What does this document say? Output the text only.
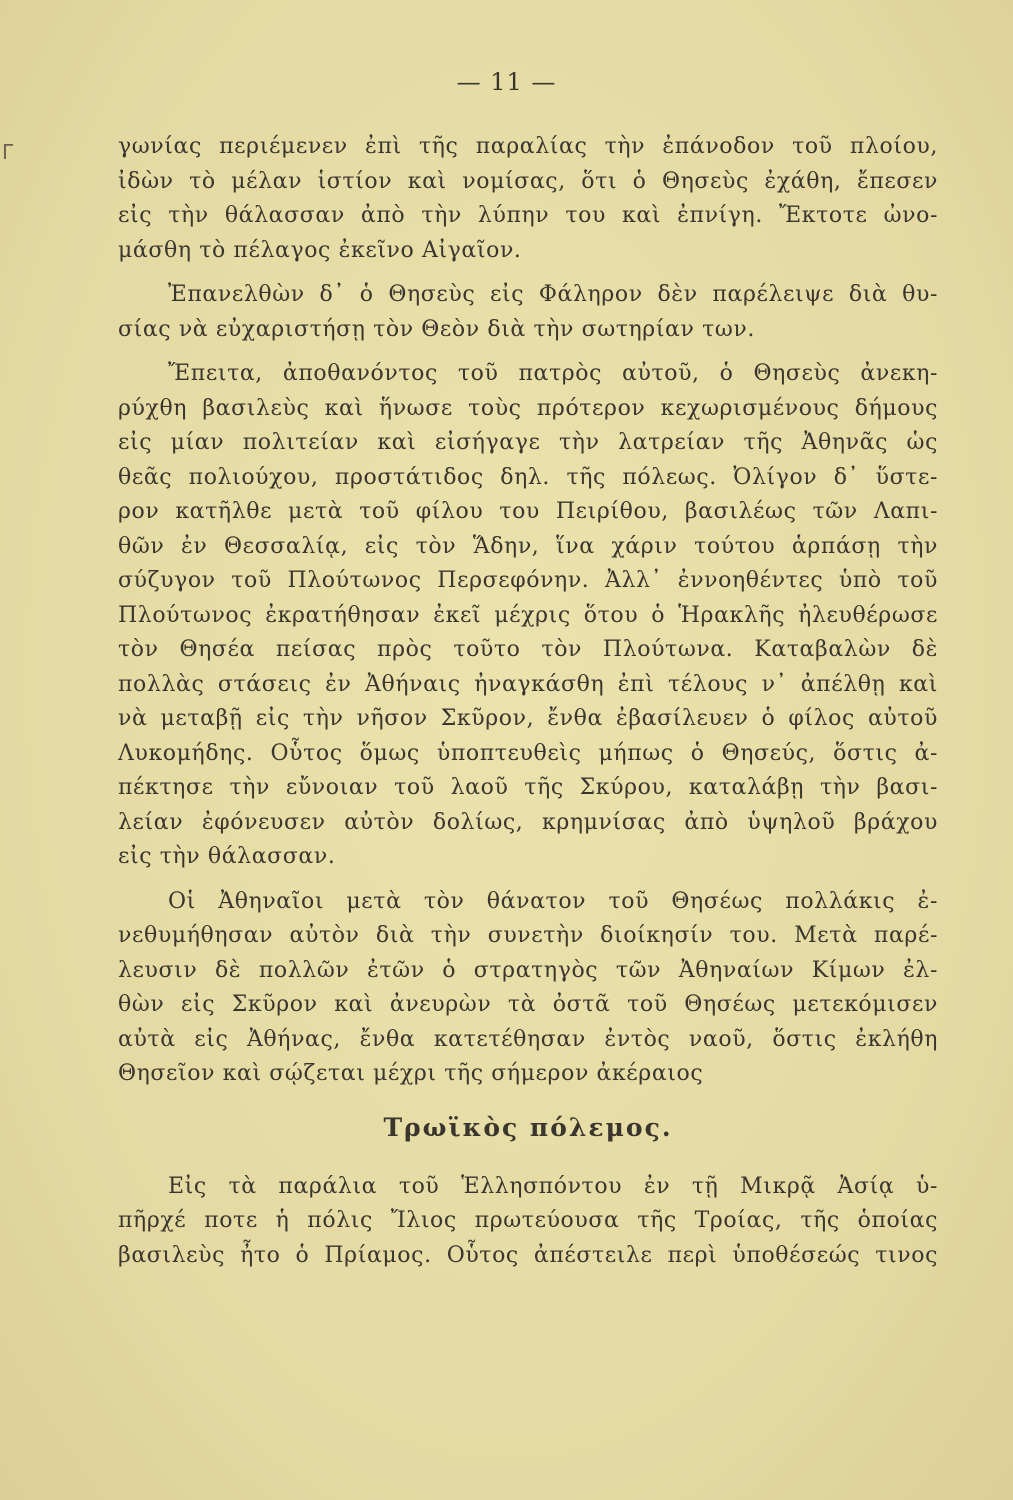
— 11 —
Γ	γωνίας περιέμενεν ἐπὶ τῆς παραλίας τὴν ἐπάνοδον τοῦ πλοίου,
ἰδὼν τὸ μέλαν ἱστίον καὶ νομίσας, ὅτι ὁ Θησεὺς ἐχάθη, ἔπεσεν
εἰς τὴν θάλασσαν ἀπὸ τὴν λύπην του καὶ ἐπνίγη. Ἔκτοτε ὠνο-
μάσθη τὸ πέλαγος ἐκεῖνο Αἰγαῖον.
Ἐπανελθὼν δ᾽ ὁ Θησεὺς εἰς Φάληρον δὲν παρέλειψε διὰ θυ-
σίας νὰ εὐχαριστήσῃ τὸν Θεὸν διὰ τὴν σωτηρίαν των.
Ἔπειτα, ἀποθανόντος τοῦ πατρὸς αὐτοῦ, ὁ Θησεὺς ἀνεκη-
ρύχθη βασιλεὺς καὶ ἥνωσε τοὺς πρότερον κεχωρισμένους δήμους
εἰς μίαν πολιτείαν καὶ εἰσήγαγε τὴν λατρείαν τῆς Ἀθηνᾶς ὡς
θεᾶς πολιούχου, προστάτιδος δηλ. τῆς πόλεως. Ὀλίγον δ᾽ ὕστε-
ρον κατῆλθε μετὰ τοῦ φίλου του Πειρίθου, βασιλέως τῶν Λαπι-
θῶν ἐν Θεσσαλίᾳ, εἰς τὸν Ἅδην, ἵνα χάριν τούτου ἁρπάσῃ τὴν
σύζυγον τοῦ Πλούτωνος Περσεφόνην. Ἀλλ᾽ ἐννοηθέντες ὑπὸ τοῦ
Πλούτωνος ἐκρατήθησαν ἐκεῖ μέχρις ὅτου ὁ Ἡρακλῆς ἠλευθέρωσε
τὸν Θησέα πείσας πρὸς τοῦτο τὸν Πλούτωνα. Καταβαλὼν δὲ
πολλὰς στάσεις ἐν Ἀθήναις ἠναγκάσθη ἐπὶ τέλους ν᾽ ἀπέλθῃ καὶ
νὰ μεταβῇ εἰς τὴν νῆσον Σκῦρον, ἔνθα ἐβασίλευεν ὁ φίλος αὐτοῦ
Λυκομήδης. Οὗτος ὅμως ὑποπτευθεὶς μήπως ὁ Θησεύς, ὅστις ἀ-
πέκτησε τὴν εὔνοιαν τοῦ λαοῦ τῆς Σκύρου, καταλάβῃ τὴν βασι-
λείαν ἐφόνευσεν αὐτὸν δολίως, κρημνίσας ἀπὸ ὑψηλοῦ βράχου
εἰς τὴν θάλασσαν.
Οἱ Ἀθηναῖοι μετὰ τὸν θάνατον τοῦ Θησέως πολλάκις ἐ-
νεθυμήθησαν αὐτὸν διὰ τὴν συνετὴν διοίκησίν του. Μετὰ παρέ-
λευσιν δὲ πολλῶν ἐτῶν ὁ στρατηγὸς τῶν Ἀθηναίων Κίμων ἐλ-
θὼν εἰς Σκῦρον καὶ ἀνευρὼν τὰ ὀστᾶ τοῦ Θησέως μετεκόμισεν
αὐτὰ εἰς Ἀθήνας, ἔνθα κατετέθησαν ἐντὸς ναοῦ, ὅστις ἐκλήθη
Θησεῖον καὶ σῴζεται μέχρι τῆς σήμερον ἀκέραιος
Τρωϊκὸς πόλεμος.
Εἰς τὰ παράλια τοῦ Ἑλλησπόντου ἐν τῇ Μικρᾷ Ἀσίᾳ ὑ-
πῆρχέ ποτε ἡ πόλις Ἴλιος πρωτεύουσα τῆς Τροίας, τῆς ὁποίας
βασιλεὺς ἦτο ὁ Πρίαμος. Οὗτος ἀπέστειλε περὶ ὑποθέσεώς τινος
